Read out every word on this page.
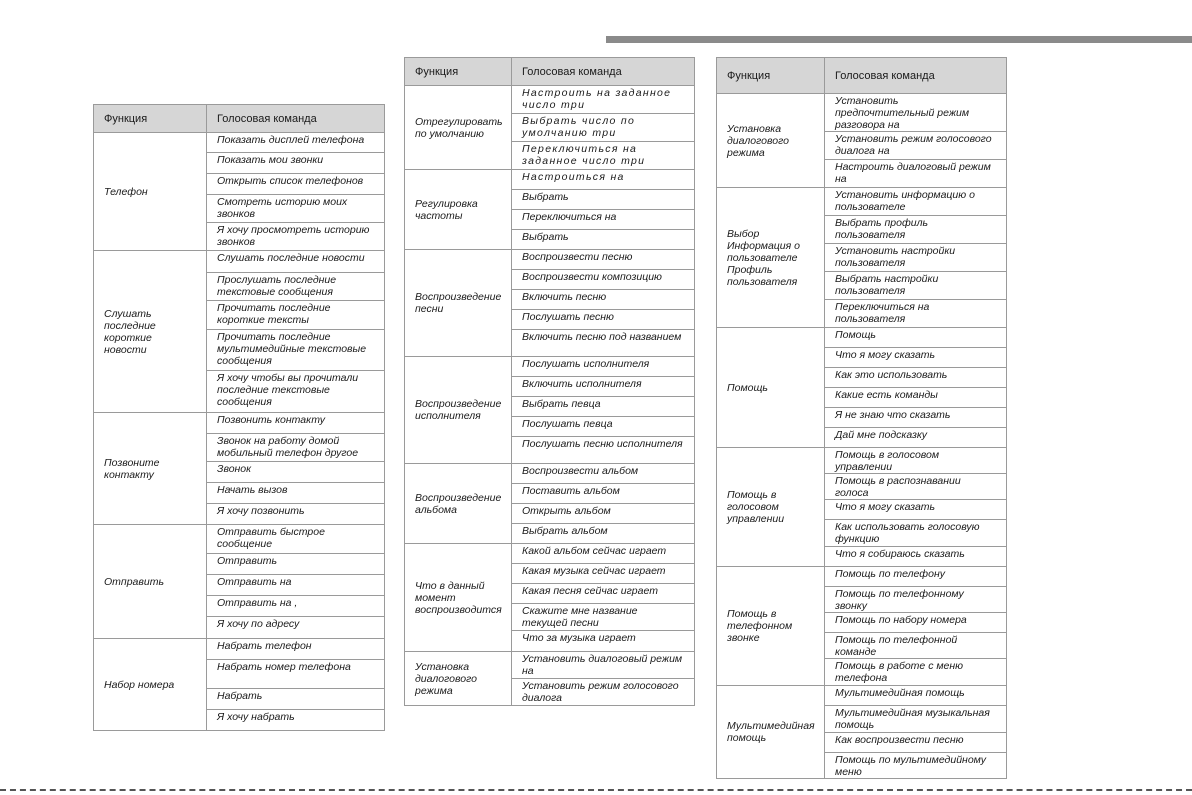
Функция	Голосовая команда
Телефон	Показать дисплей телефона
	Показать мои звонки
	Открыть список телефонов
	Смотреть историю моих звонков
	Я хочу просмотреть историю звонков
Слушать последние короткие новости	Слушать последние новости
	Прослушать последние текстовые сообщения
	Прочитать последние короткие тексты
	Прочитать последние мультимедийные текстовые сообщения
	Я хочу чтобы вы прочитали последние текстовые сообщения
Позвоните контакту	Позвонить контакту
	Звонок на работу домой мобильный телефон другое
	Звонок
	Начать вызов
	Я хочу позвонить
Отправить	Отправить быстрое сообщение
	Отправить
	Отправить на
	Отправить на ,
	Я хочу по адресу
Набор номера	Набрать телефон
	Набрать номер телефона
	Набрать
	Я хочу набрать
Функция	Голосовая команда
Отрегулировать по умолчанию	Настроить на заданное число три
	Выбрать число по умолчанию три
	Переключиться на заданное число три
Регулировка частоты	Настроиться на
	Выбрать
	Переключиться на
	Выбрать
Воспроизведение песни	Воспроизвести песню
	Воспроизвести композицию
	Включить песню
	Послушать песню
	Включить песню под названием
Воспроизведение исполнителя	Послушать исполнителя
	Включить исполнителя
	Выбрать певца
	Послушать певца
	Послушать песню исполнителя
Воспроизведение альбома	Воспроизвести альбом
	Поставить альбом
	Открыть альбом
	Выбрать альбом
Что в данный момент воспроизводится	Какой альбом сейчас играет
	Какая музыка сейчас играет
	Какая песня сейчас играет
	Скажите мне название текущей песни
	Что за музыка играет
Установка диалогового режима	Установить диалоговый режим на
	Установить режим голосового диалога
Функция	Голосовая команда
Установка диалогового режима	Установить предпочтительный режим разговора на
	Установить режим голосового диалога на
	Настроить диалоговый режим на
Выбор Информация о пользователе Профиль пользователя	Установить информацию о пользователе
	Выбрать профиль пользователя
	Установить настройки пользователя
	Выбрать настройки пользователя
	Переключиться на пользователя
Помощь	Помощь
	Что я могу сказать
	Как это использовать
	Какие есть команды
	Я не знаю что сказать
	Дай мне подсказку
Помощь в голосовом управлении	Помощь в голосовом управлении
	Помощь в распознавании голоса
	Что я могу сказать
	Как использовать голосовую функцию
	Что я собираюсь сказать
Помощь в телефонном звонке	Помощь по телефону
	Помощь по телефонному звонку
	Помощь по набору номера
	Помощь по телефонной команде
	Помощь в работе с меню телефона
Мультимедийная помощь	Мультимедийная помощь
	Мультимедийная музыкальная помощь
	Как воспроизвести песню
	Помощь по мультимедийному меню
